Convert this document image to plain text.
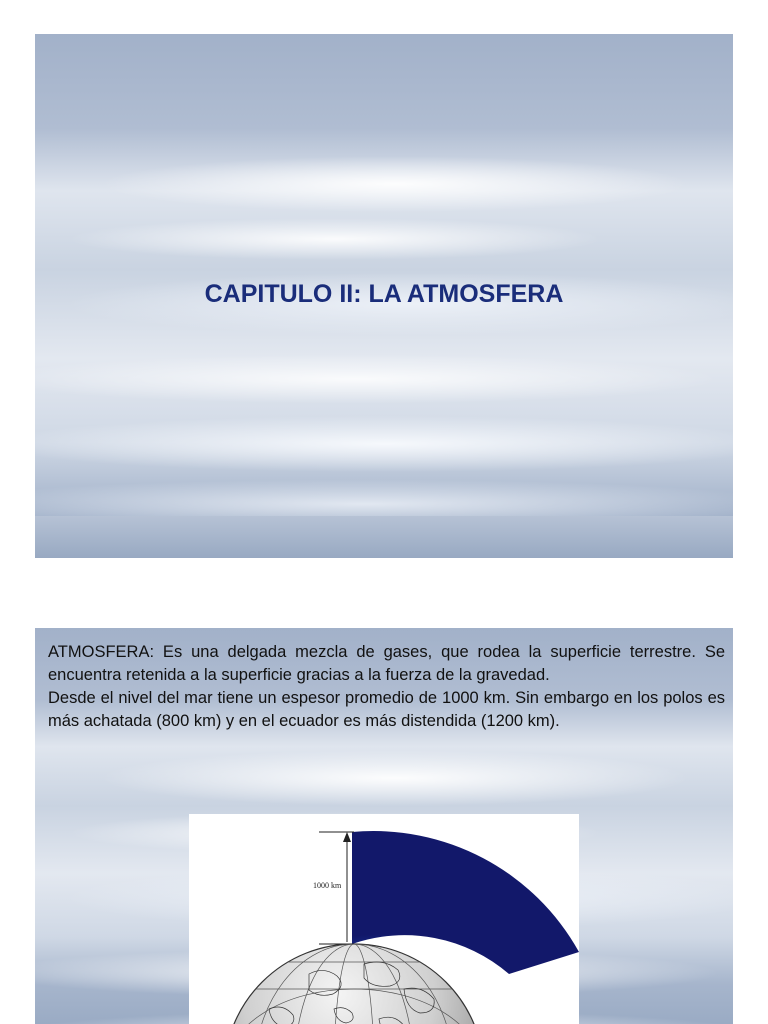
CAPITULO II: LA ATMOSFERA

ATMOSFERA: Es una delgada mezcla de gases, que rodea la superficie terrestre. Se encuentra retenida a la superficie gracias a la fuerza de la gravedad.

Desde el nivel del mar tiene un espesor promedio de 1000 km. Sin embargo en los polos es más achatada (800 km) y en el ecuador es más distendida (1200 km).

1000 km
